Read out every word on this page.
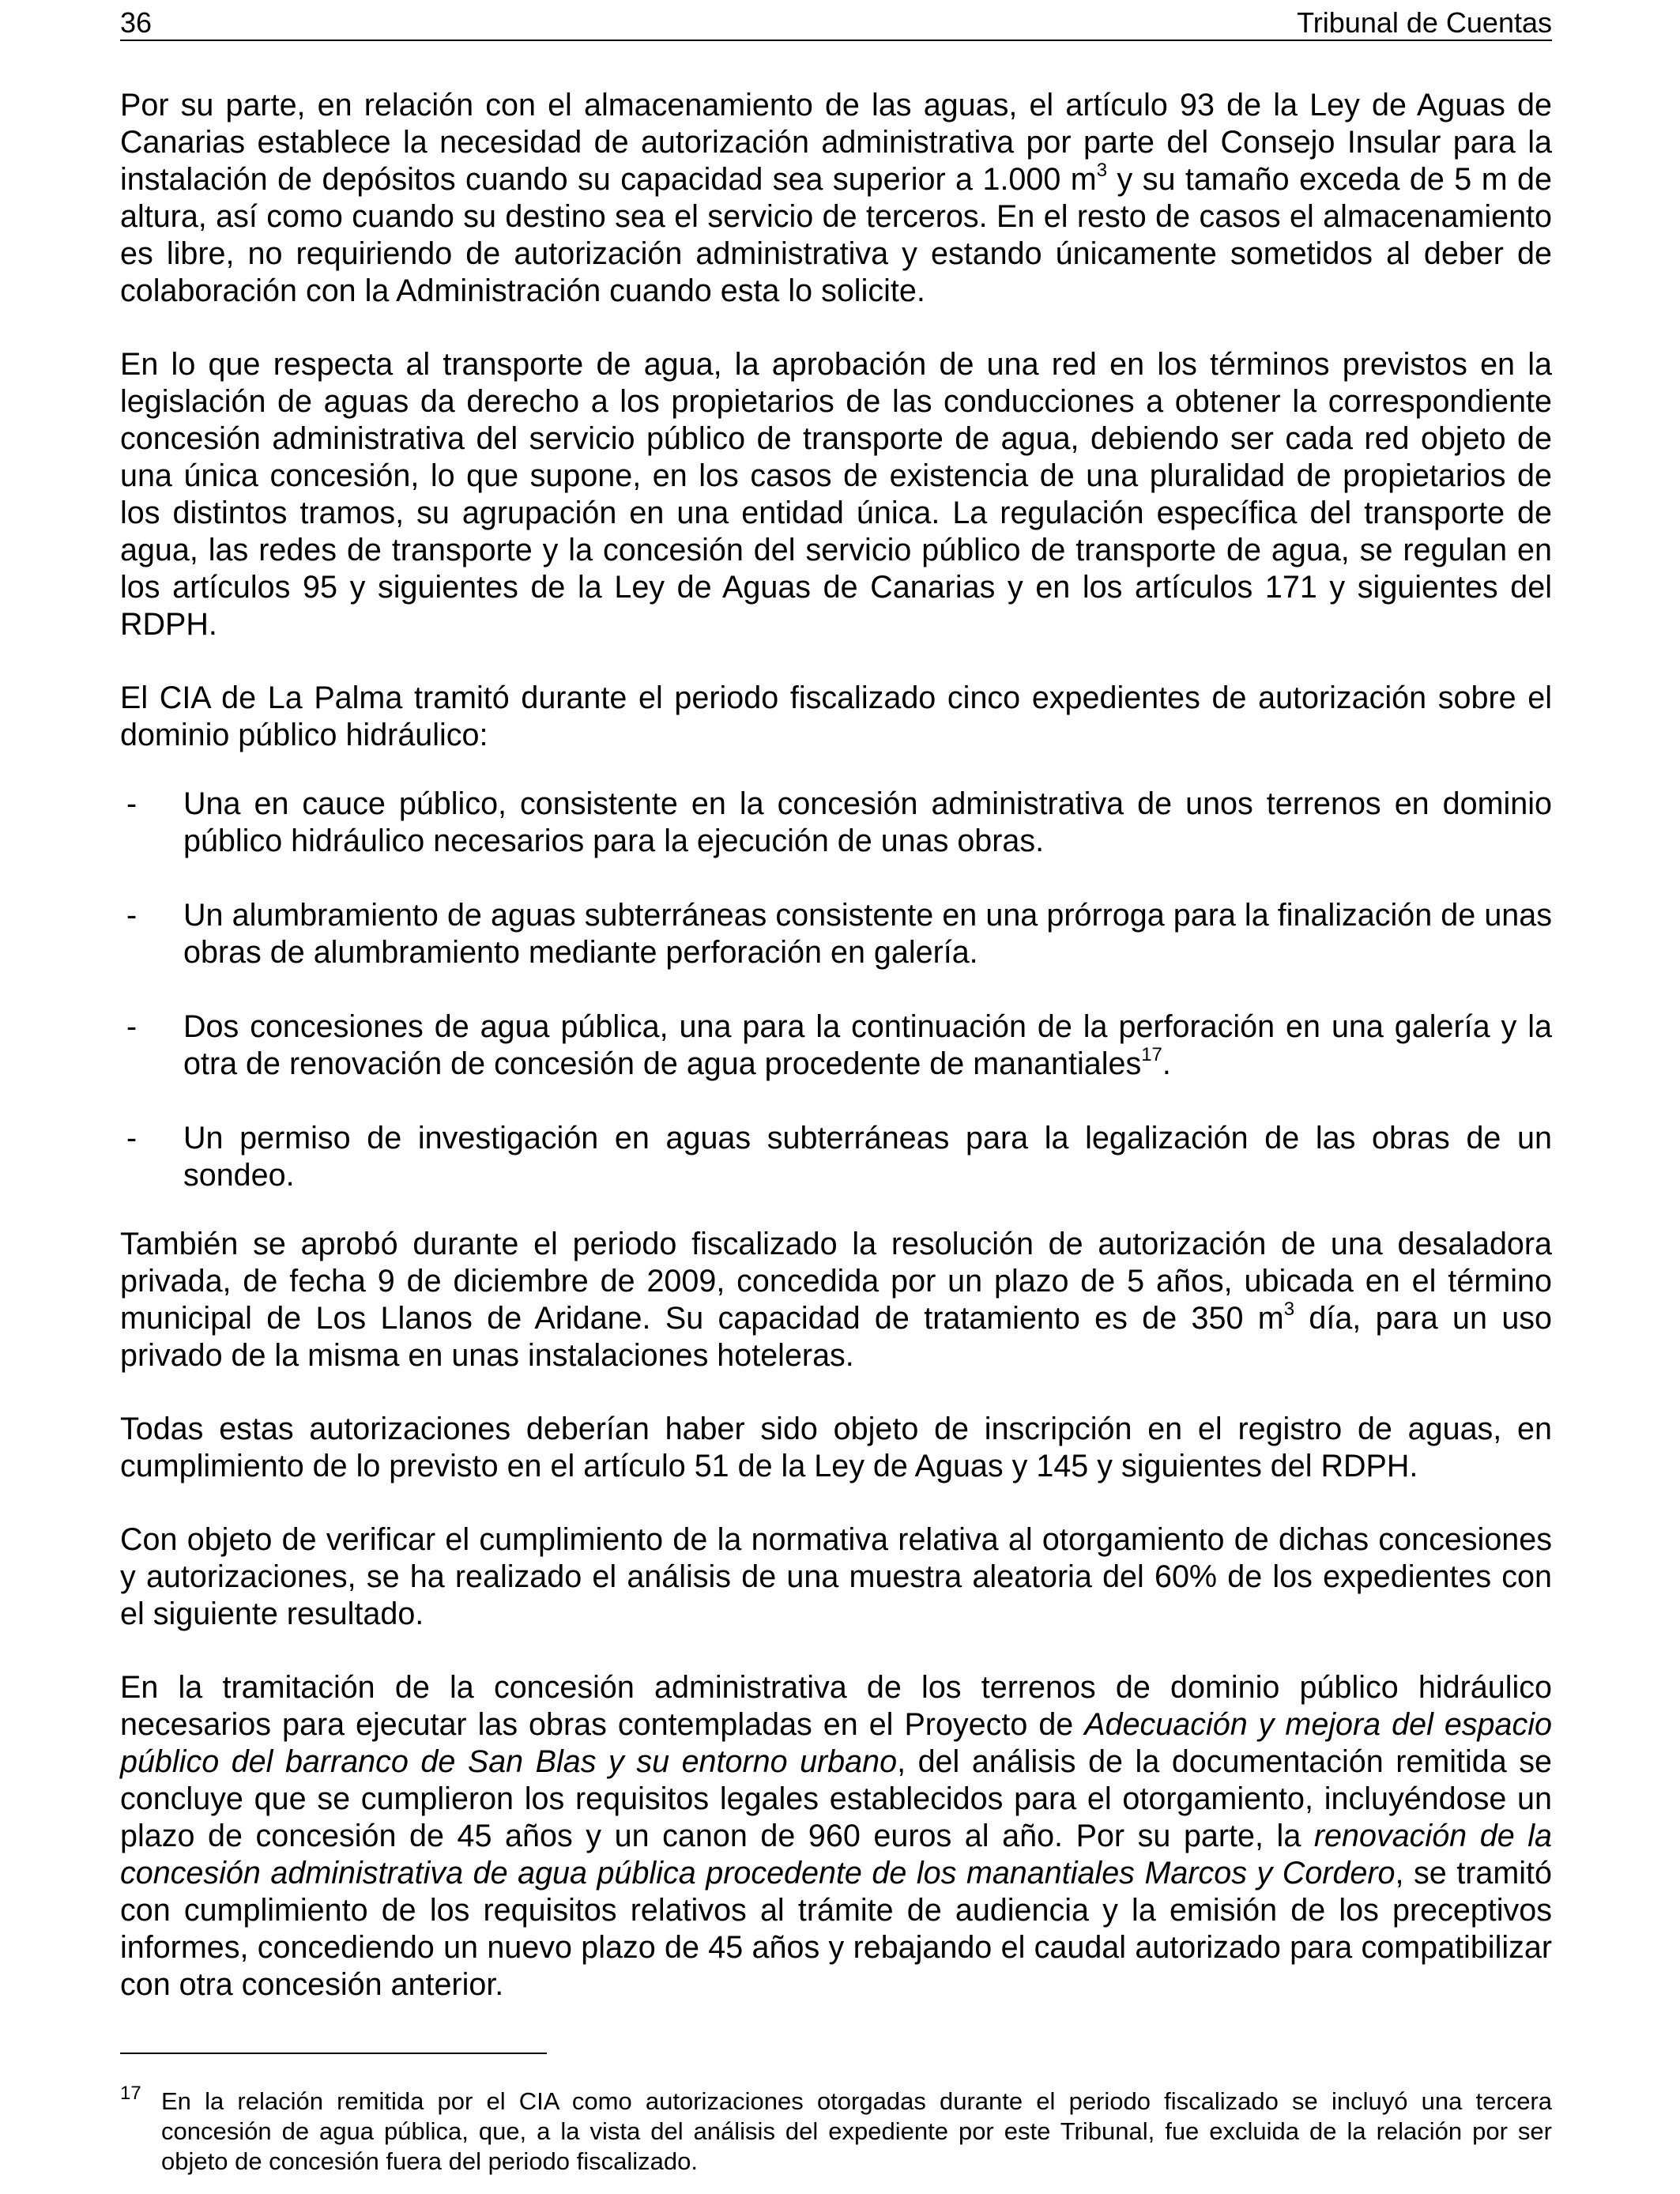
36	Tribunal de Cuentas

Por su parte, en relación con el almacenamiento de las aguas, el artículo 93 de la Ley de Aguas de Canarias establece la necesidad de autorización administrativa por parte del Consejo Insular para la instalación de depósitos cuando su capacidad sea superior a 1.000 $m^3$ y su tamaño exceda de 5 m de altura, así como cuando su destino sea el servicio de terceros. En el resto de casos el almacenamiento es libre, no requiriendo de autorización administrativa y estando únicamente sometidos al deber de colaboración con la Administración cuando esta lo solicite.

En lo que respecta al transporte de agua, la aprobación de una red en los términos previstos en la legislación de aguas da derecho a los propietarios de las conducciones a obtener la correspondiente concesión administrativa del servicio público de transporte de agua, debiendo ser cada red objeto de una única concesión, lo que supone, en los casos de existencia de una pluralidad de propietarios de los distintos tramos, su agrupación en una entidad única. La regulación específica del transporte de agua, las redes de transporte y la concesión del servicio público de transporte de agua, se regulan en los artículos 95 y siguientes de la Ley de Aguas de Canarias y en los artículos 171 y siguientes del RDPH.

El CIA de La Palma tramitó durante el periodo fiscalizado cinco expedientes de autorización sobre el dominio público hidráulico:

- Una en cauce público, consistente en la concesión administrativa de unos terrenos en dominio público hidráulico necesarios para la ejecución de unas obras.
- Un alumbramiento de aguas subterráneas consistente en una prórroga para la finalización de unas obras de alumbramiento mediante perforación en galería.
- Dos concesiones de agua pública, una para la continuación de la perforación en una galería y la otra de renovación de concesión de agua procedente de manantiales$^{17}$.
- Un permiso de investigación en aguas subterráneas para la legalización de las obras de un sondeo.

También se aprobó durante el periodo fiscalizado la resolución de autorización de una desaladora privada, de fecha 9 de diciembre de 2009, concedida por un plazo de 5 años, ubicada en el término municipal de Los Llanos de Aridane. Su capacidad de tratamiento es de 350 $m^3$ día, para un uso privado de la misma en unas instalaciones hoteleras.

Todas estas autorizaciones deberían haber sido objeto de inscripción en el registro de aguas, en cumplimiento de lo previsto en el artículo 51 de la Ley de Aguas y 145 y siguientes del RDPH.

Con objeto de verificar el cumplimiento de la normativa relativa al otorgamiento de dichas concesiones y autorizaciones, se ha realizado el análisis de una muestra aleatoria del 60% de los expedientes con el siguiente resultado.

En la tramitación de la concesión administrativa de los terrenos de dominio público hidráulico necesarios para ejecutar las obras contempladas en el Proyecto de Adecuación y mejora del espacio público del barranco de San Blas y su entorno urbano, del análisis de la documentación remitida se concluye que se cumplieron los requisitos legales establecidos para el otorgamiento, incluyéndose un plazo de concesión de 45 años y un canon de 960 euros al año. Por su parte, la renovación de la concesión administrativa de agua pública procedente de los manantiales Marcos y Cordero, se tramitó con cumplimiento de los requisitos relativos al trámite de audiencia y la emisión de los preceptivos informes, concediendo un nuevo plazo de 45 años y rebajando el caudal autorizado para compatibilizar con otra concesión anterior.

17 En la relación remitida por el CIA como autorizaciones otorgadas durante el periodo fiscalizado se incluyó una tercera concesión de agua pública, que, a la vista del análisis del expediente por este Tribunal, fue excluida de la relación por ser objeto de concesión fuera del periodo fiscalizado.
